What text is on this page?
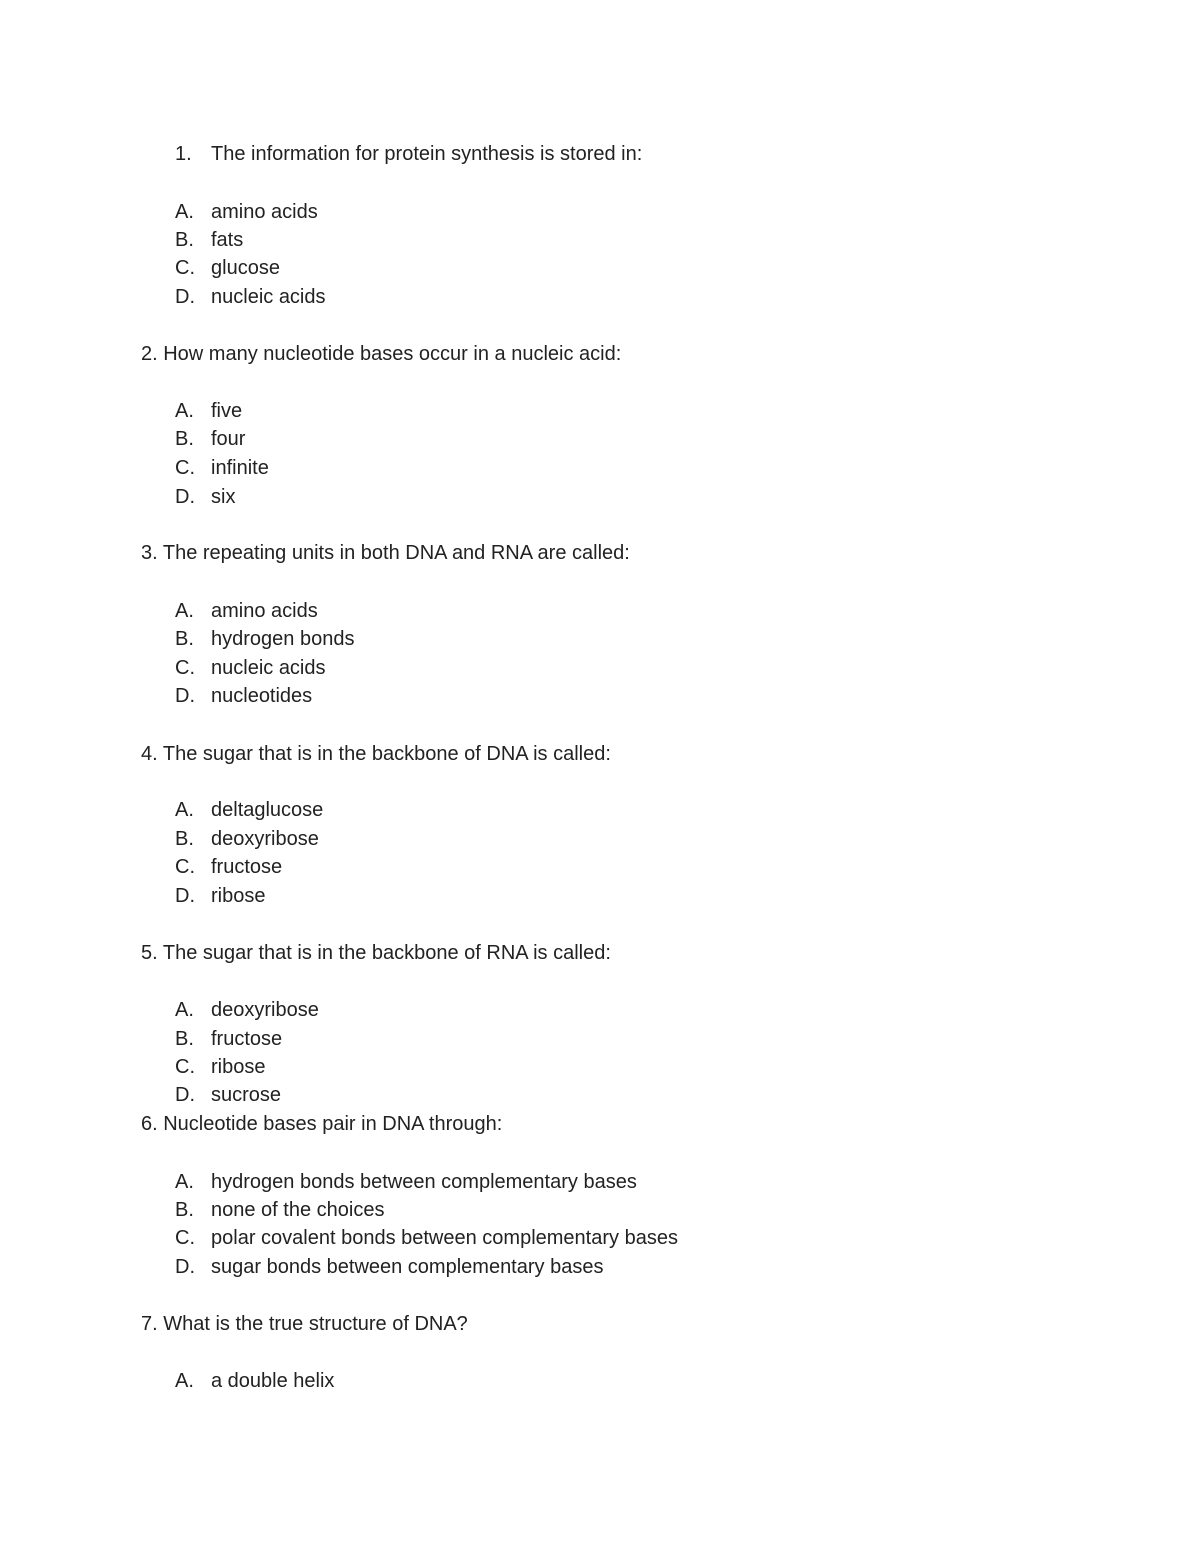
1. The information for protein synthesis is stored in:
A. amino acids
B. fats
C. glucose
D. nucleic acids
2. How many nucleotide bases occur in a nucleic acid:
A. five
B. four
C. infinite
D. six
3. The repeating units in both DNA and RNA are called:
A. amino acids
B. hydrogen bonds
C. nucleic acids
D. nucleotides
4. The sugar that is in the backbone of DNA is called:
A. deltaglucose
B. deoxyribose
C. fructose
D. ribose
5. The sugar that is in the backbone of RNA is called:
A. deoxyribose
B. fructose
C. ribose
D. sucrose
6. Nucleotide bases pair in DNA through:
A. hydrogen bonds between complementary bases
B. none of the choices
C. polar covalent bonds between complementary bases
D. sugar bonds between complementary bases
7. What is the true structure of DNA?
A. a double helix
